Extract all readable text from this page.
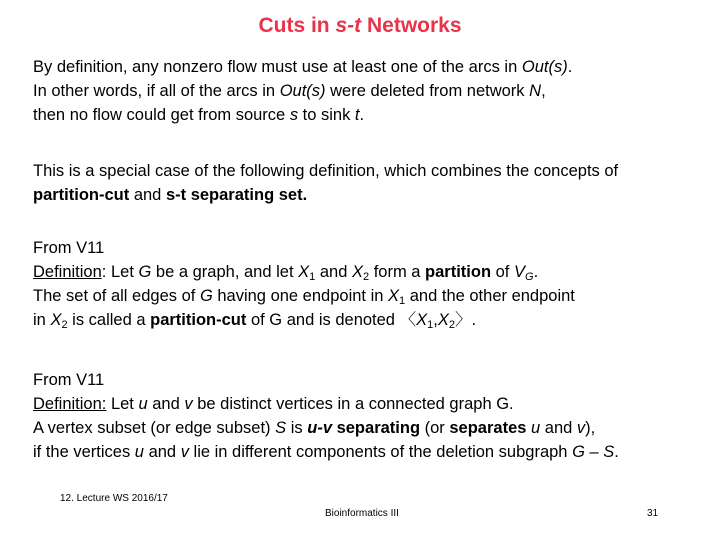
Cuts in s-t Networks
By definition, any nonzero flow must use at least one of the arcs in Out(s).
In other words, if all of the arcs in Out(s) were deleted from network N,
then no flow could get from source s to sink t.
This is a special case of the following definition, which combines the concepts of
partition-cut and s-t separating set.
From V11
Definition: Let G be a graph, and let $X_1$ and $X_2$ form a partition of $V_G$.
The set of all edges of G having one endpoint in $X_1$ and the other endpoint
in $X_2$ is called a partition-cut of G and is denoted 〈$X_1,X_2$〉.
From V11
Definition: Let u and v be distinct vertices in a connected graph G.
A vertex subset (or edge subset) S is u-v separating (or separates u and v),
if the vertices u and v lie in different components of the deletion subgraph G – S.
12. Lecture WS 2016/17
Bioinformatics III	31
